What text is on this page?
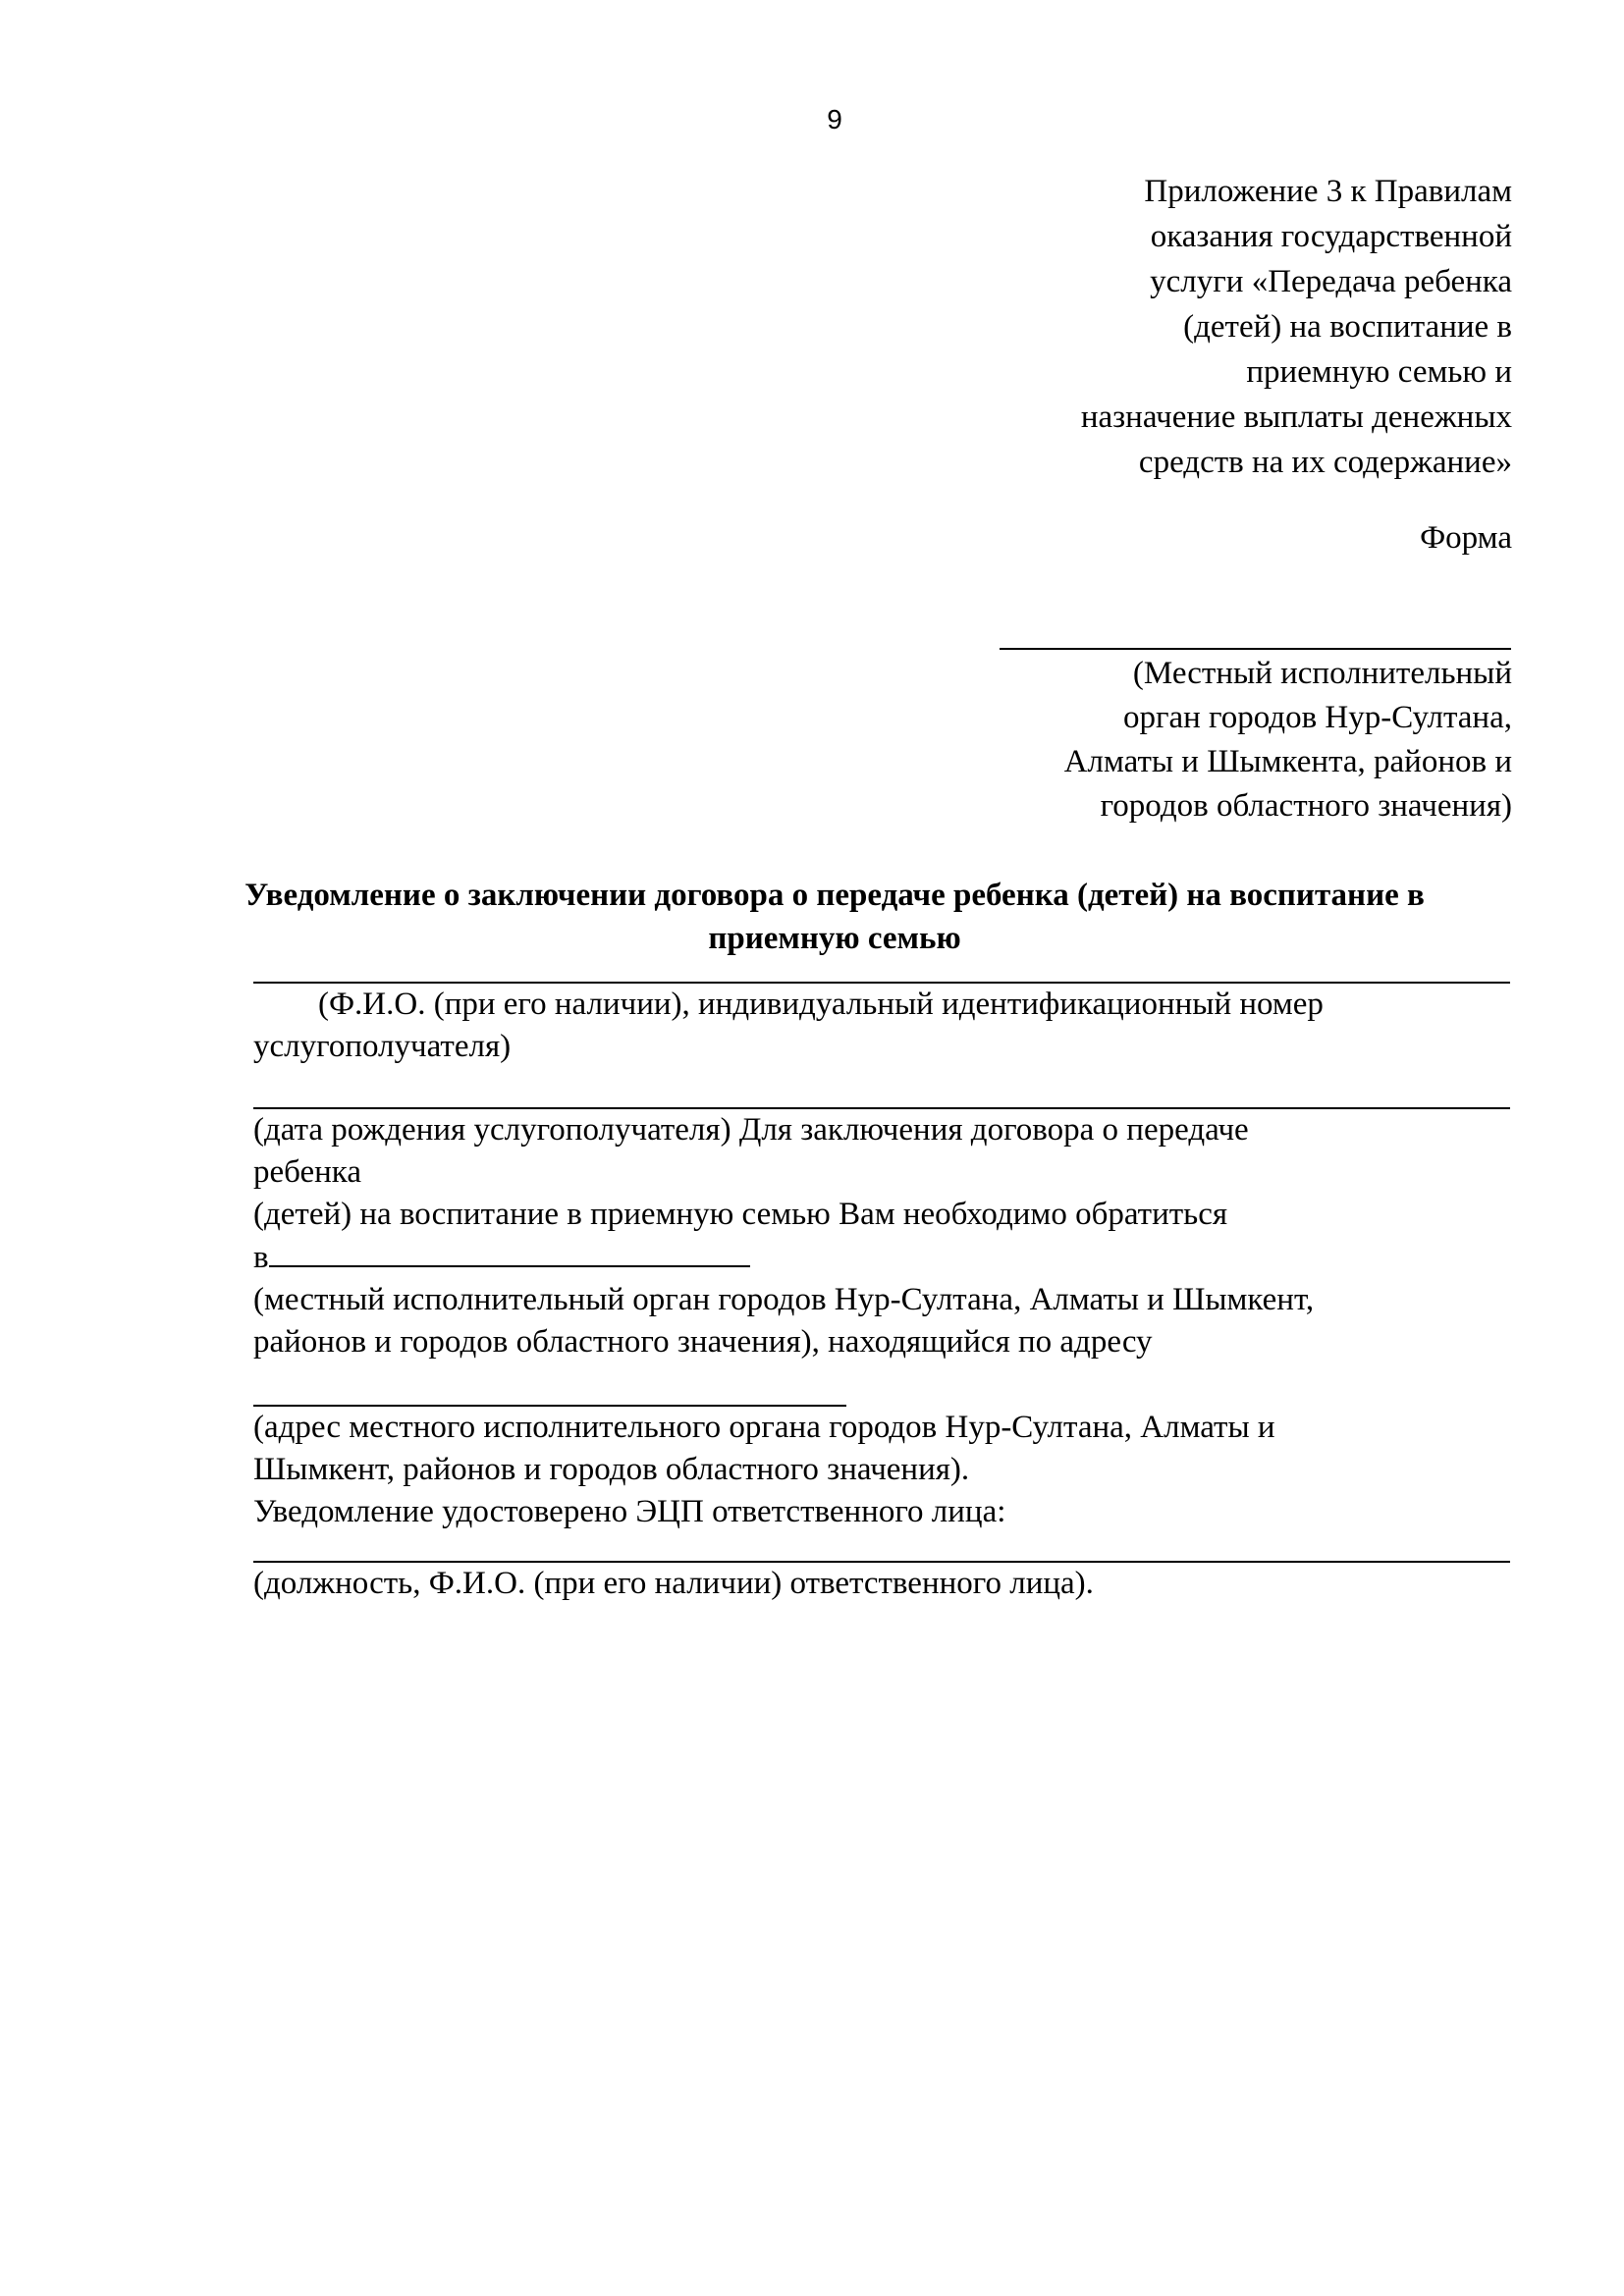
9
Приложение 3 к Правилам
оказания государственной
услуги «Передача ребенка
(детей) на воспитание в
приемную семью и
назначение выплаты денежных
средств на их содержание»
Форма
(Местный исполнительный
орган городов Нур-Султана,
Алматы и Шымкента, районов и
городов областного значения)
Уведомление о заключении договора о передаче ребенка (детей) на воспитание в
приемную семью
(Ф.И.О. (при его наличии), индивидуальный идентификационный номер
услугополучателя)
(дата рождения услугополучателя) Для заключения договора о передаче
ребенка
(детей) на воспитание в приемную семью Вам необходимо обратиться
в
(местный исполнительный орган городов Нур-Султана, Алматы и Шымкент,
районов и городов областного значения), находящийся по адресу
(адрес местного исполнительного органа городов Нур-Султана, Алматы и
Шымкент, районов и городов областного значения).
Уведомление удостоверено ЭЦП ответственного лица:
(должность, Ф.И.О. (при его наличии) ответственного лица).
